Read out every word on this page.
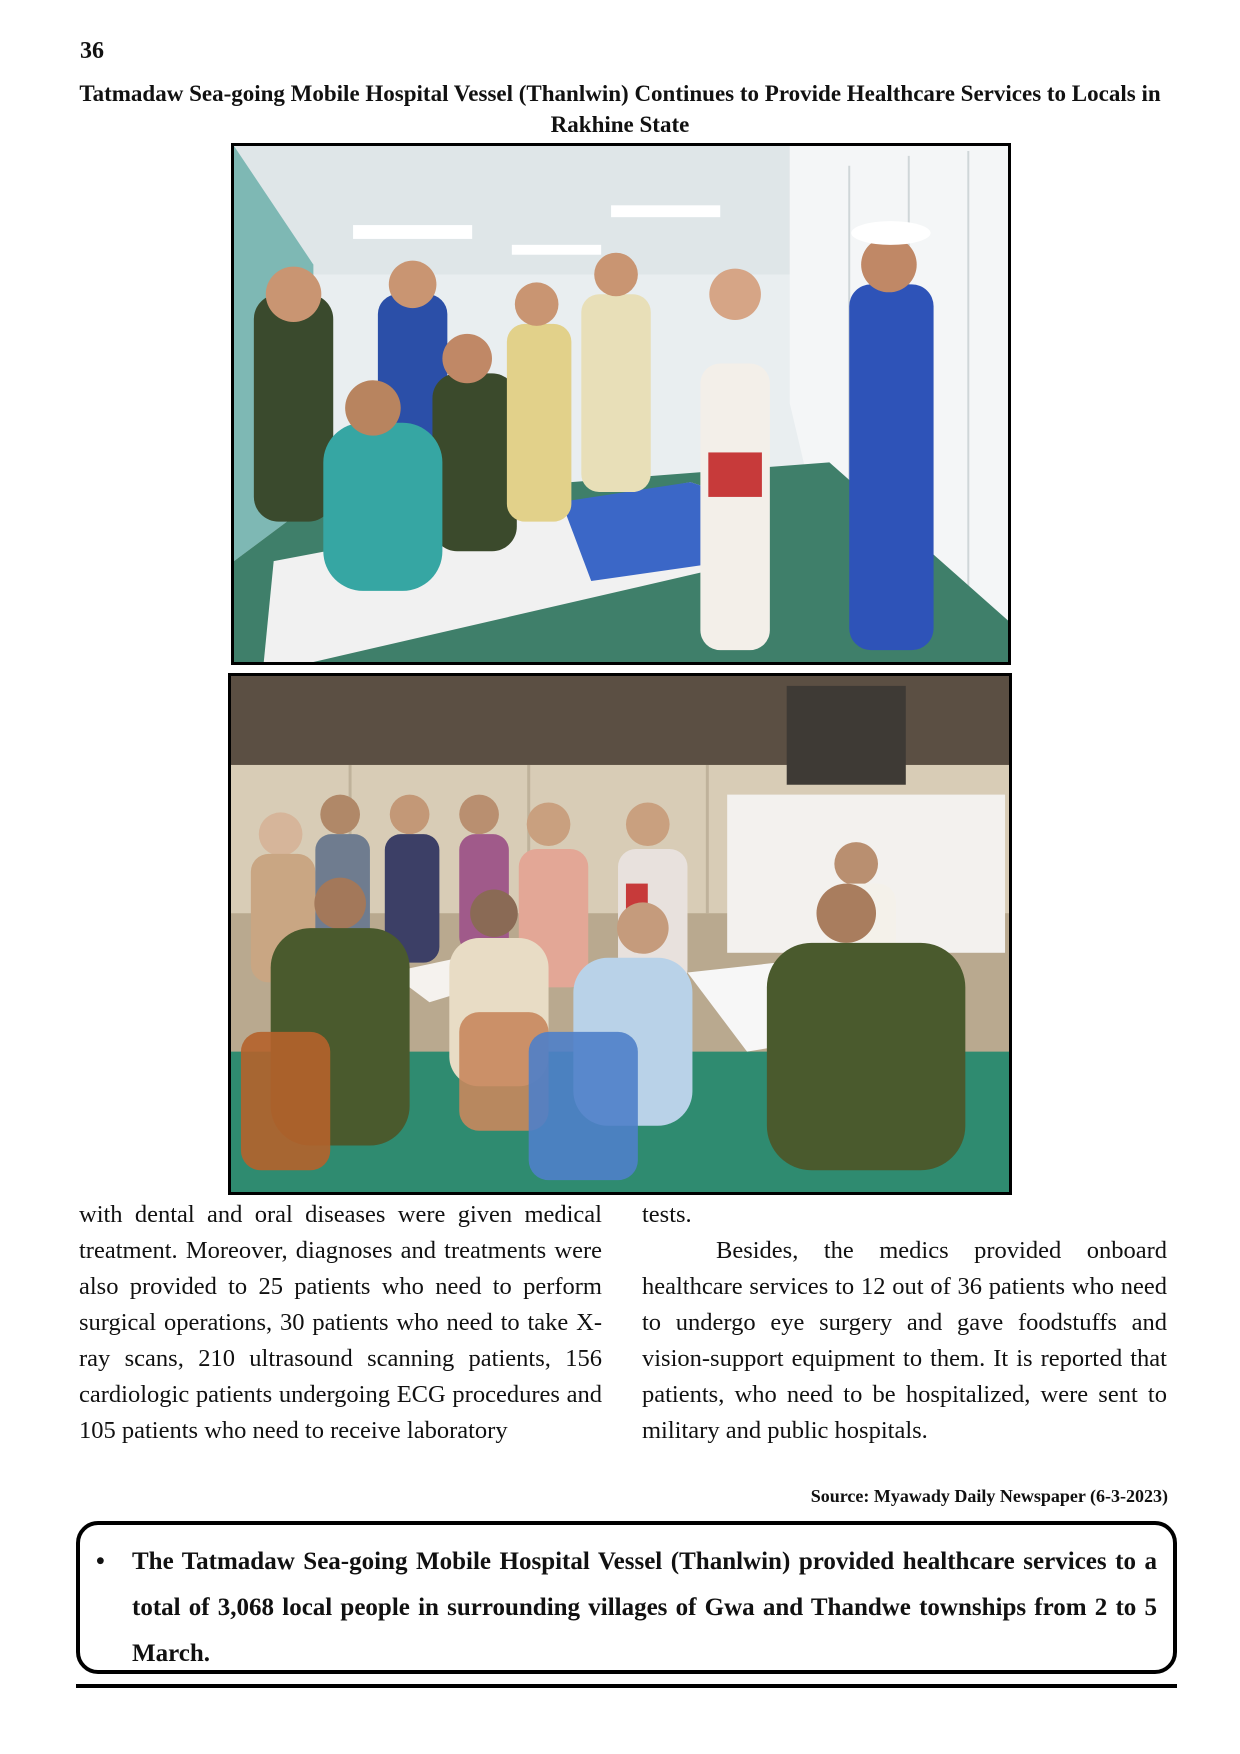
36
Tatmadaw Sea-going Mobile Hospital Vessel (Thanlwin) Continues to Provide Healthcare Services to Locals in Rakhine State
with dental and oral diseases were given medical treatment. Moreover, diagnoses and treatments were also provided to 25 patients who need to perform surgical operations, 30 patients who need to take X-ray scans, 210 ultrasound scanning patients, 156 cardiologic patients undergoing ECG procedures and 105 patients who need to receive laboratory

tests.

Besides, the medics provided onboard healthcare services to 12 out of 36 patients who need to undergo eye surgery and gave foodstuffs and vision-support equipment to them. It is reported that patients, who need to be hospitalized, were sent to military and public hospitals.

Source: Myawady Daily Newspaper (6-3-2023)
• The Tatmadaw Sea-going Mobile Hospital Vessel (Thanlwin) provided healthcare services to a total of 3,068 local people in surrounding villages of Gwa and Thandwe townships from 2 to 5 March.
